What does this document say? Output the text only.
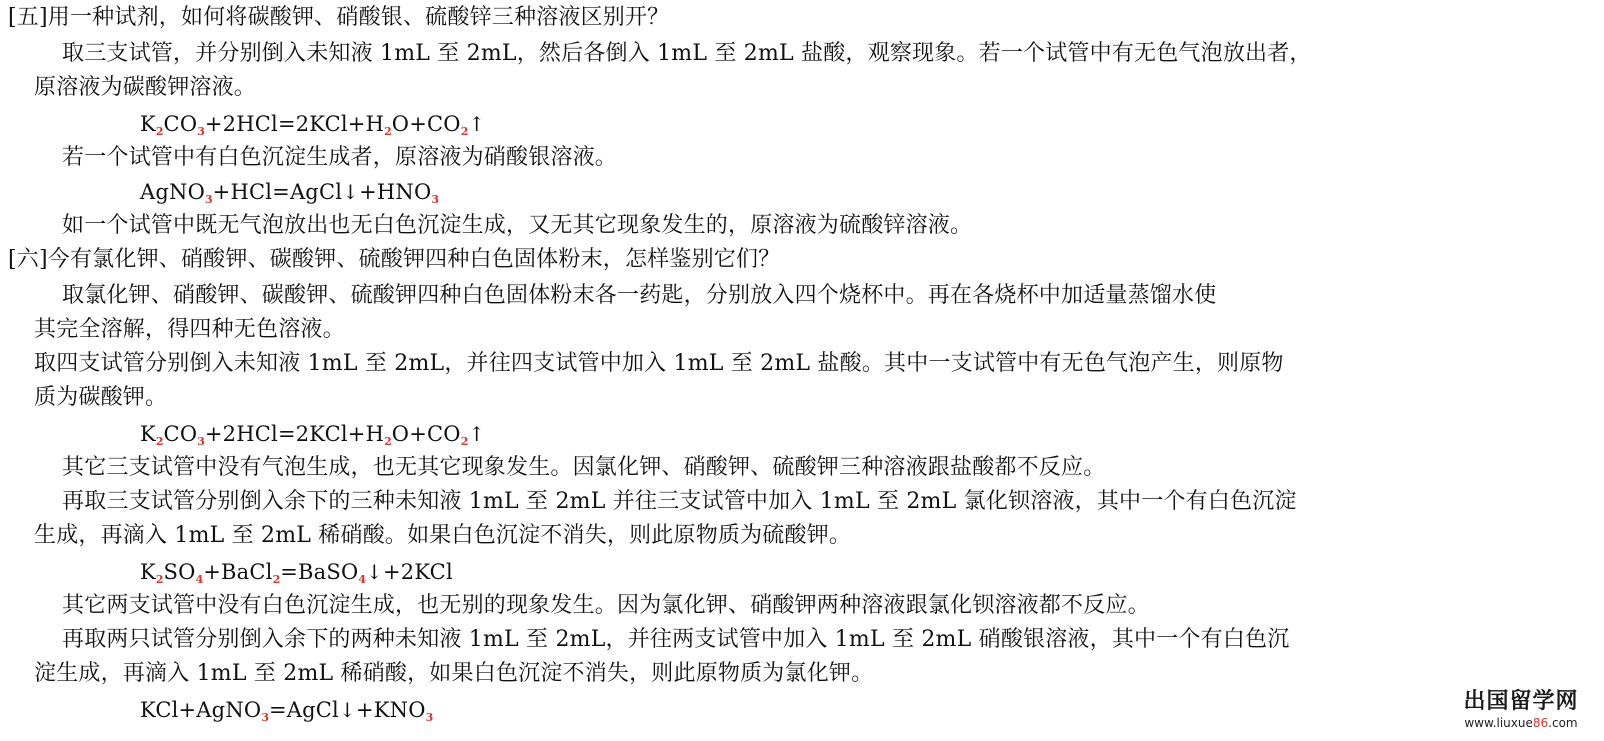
[五]用一种试剂，如何将碳酸钾、硝酸银、硫酸锌三种溶液区别开？
取三支试管，并分别倒入未知液 1mL 至 2mL，然后各倒入 1mL 至 2mL 盐酸，观察现象。若一个试管中有无色气泡放出者，
原溶液为碳酸钾溶液。
$K_2CO_3+2HCl=2KCl+H_2O+CO_2↑$
若一个试管中有白色沉淀生成者，原溶液为硝酸银溶液。
$AgNO_3+HCl=AgCl↓+HNO_3$
如一个试管中既无气泡放出也无白色沉淀生成，又无其它现象发生的，原溶液为硫酸锌溶液。
[六]今有氯化钾、硝酸钾、碳酸钾、硫酸钾四种白色固体粉末，怎样鉴别它们？
取氯化钾、硝酸钾、碳酸钾、硫酸钾四种白色固体粉末各一药匙，分别放入四个烧杯中。再在各烧杯中加适量蒸馏水使
其完全溶解，得四种无色溶液。
取四支试管分别倒入未知液 1mL 至 2mL，并往四支试管中加入 1mL 至 2mL 盐酸。其中一支试管中有无色气泡产生，则原物
质为碳酸钾。
$K_2CO_3+2HCl=2KCl+H_2O+CO_2↑$
其它三支试管中没有气泡生成，也无其它现象发生。因氯化钾、硝酸钾、硫酸钾三种溶液跟盐酸都不反应。
再取三支试管分别倒入余下的三种未知液 1mL 至 2mL 并往三支试管中加入 1mL 至 2mL 氯化钡溶液，其中一个有白色沉淀
生成，再滴入 1mL 至 2mL 稀硝酸。如果白色沉淀不消失，则此原物质为硫酸钾。
$K_2SO_4+BaCl_2=BaSO_4↓+2KCl$
其它两支试管中没有白色沉淀生成，也无别的现象发生。因为氯化钾、硝酸钾两种溶液跟氯化钡溶液都不反应。
再取两只试管分别倒入余下的两种未知液 1mL 至 2mL，并往两支试管中加入 1mL 至 2mL 硝酸银溶液，其中一个有白色沉
淀生成，再滴入 1mL 至 2mL 稀硝酸，如果白色沉淀不消失，则此原物质为氯化钾。
$KCl+AgNO_3=AgCl↓+KNO_3$
出国留学网
www.liuxue86.com
